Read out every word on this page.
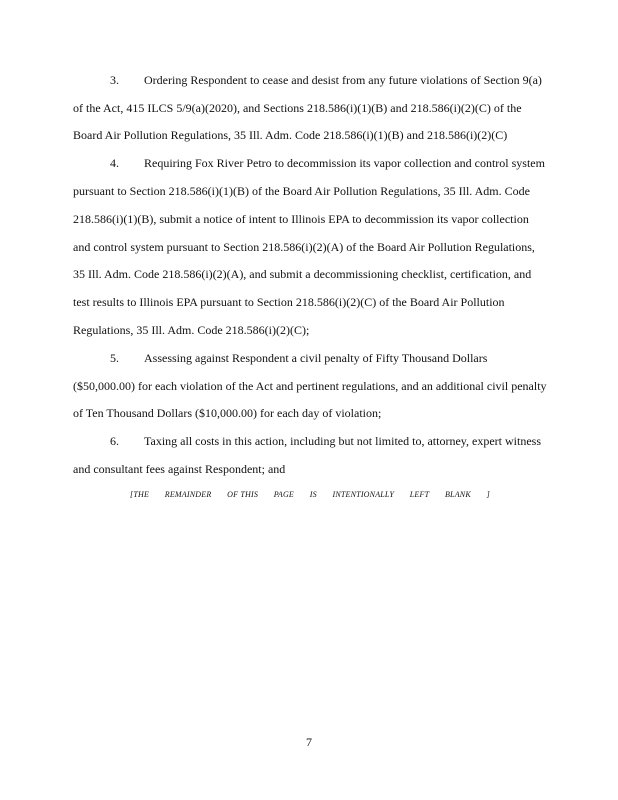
3. Ordering Respondent to cease and desist from any future violations of Section 9(a)
of the Act, 415 ILCS 5/9(a)(2020), and Sections 218.586(i)(1)(B) and 218.586(i)(2)(C) of the
Board Air Pollution Regulations, 35 Ill. Adm. Code 218.586(i)(1)(B) and 218.586(i)(2)(C)
4. Requiring Fox River Petro to decommission its vapor collection and control system
pursuant to Section 218.586(i)(1)(B) of the Board Air Pollution Regulations, 35 Ill. Adm. Code
218.586(i)(1)(B), submit a notice of intent to Illinois EPA to decommission its vapor collection
and control system pursuant to Section 218.586(i)(2)(A) of the Board Air Pollution Regulations,
35 Ill. Adm. Code 218.586(i)(2)(A), and submit a decommissioning checklist, certification, and
test results to Illinois EPA pursuant to Section 218.586(i)(2)(C) of the Board Air Pollution
Regulations, 35 Ill. Adm. Code 218.586(i)(2)(C);
5. Assessing against Respondent a civil penalty of Fifty Thousand Dollars
($50,000.00) for each violation of the Act and pertinent regulations, and an additional civil penalty
of Ten Thousand Dollars ($10,000.00) for each day of violation;
6. Taxing all costs in this action, including but not limited to, attorney, expert witness
and consultant fees against Respondent; and
[THE REMAINDER OF THIS PAGE IS INTENTIONALLY LEFT BLANK ]
7
